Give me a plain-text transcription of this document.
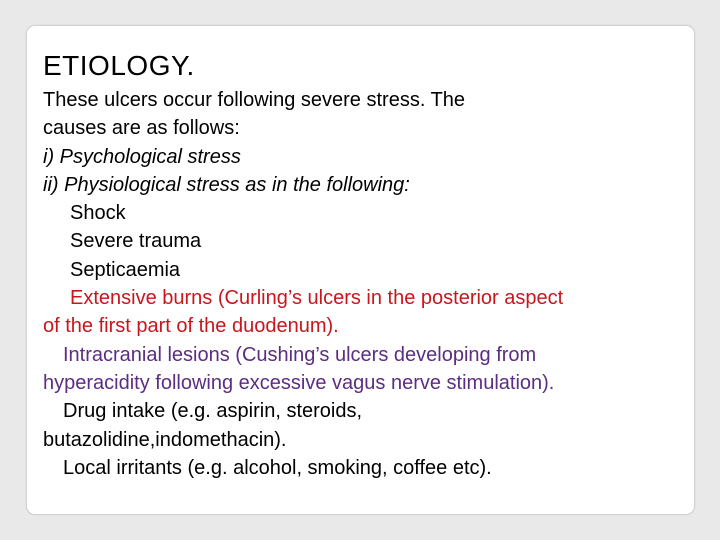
ETIOLOGY.
These ulcers occur following severe stress. The
causes are as follows:
i) Psychological stress
ii) Physiological stress as in the following:
Shock
Severe trauma
Septicaemia
Extensive burns (Curling’s ulcers in the posterior aspect
of the first part of the duodenum).
Intracranial lesions (Cushing’s ulcers developing from
hyperacidity following excessive vagus nerve stimulation).
Drug intake (e.g. aspirin, steroids,
butazolidine,indomethacin).
Local irritants (e.g. alcohol, smoking, coffee etc).
